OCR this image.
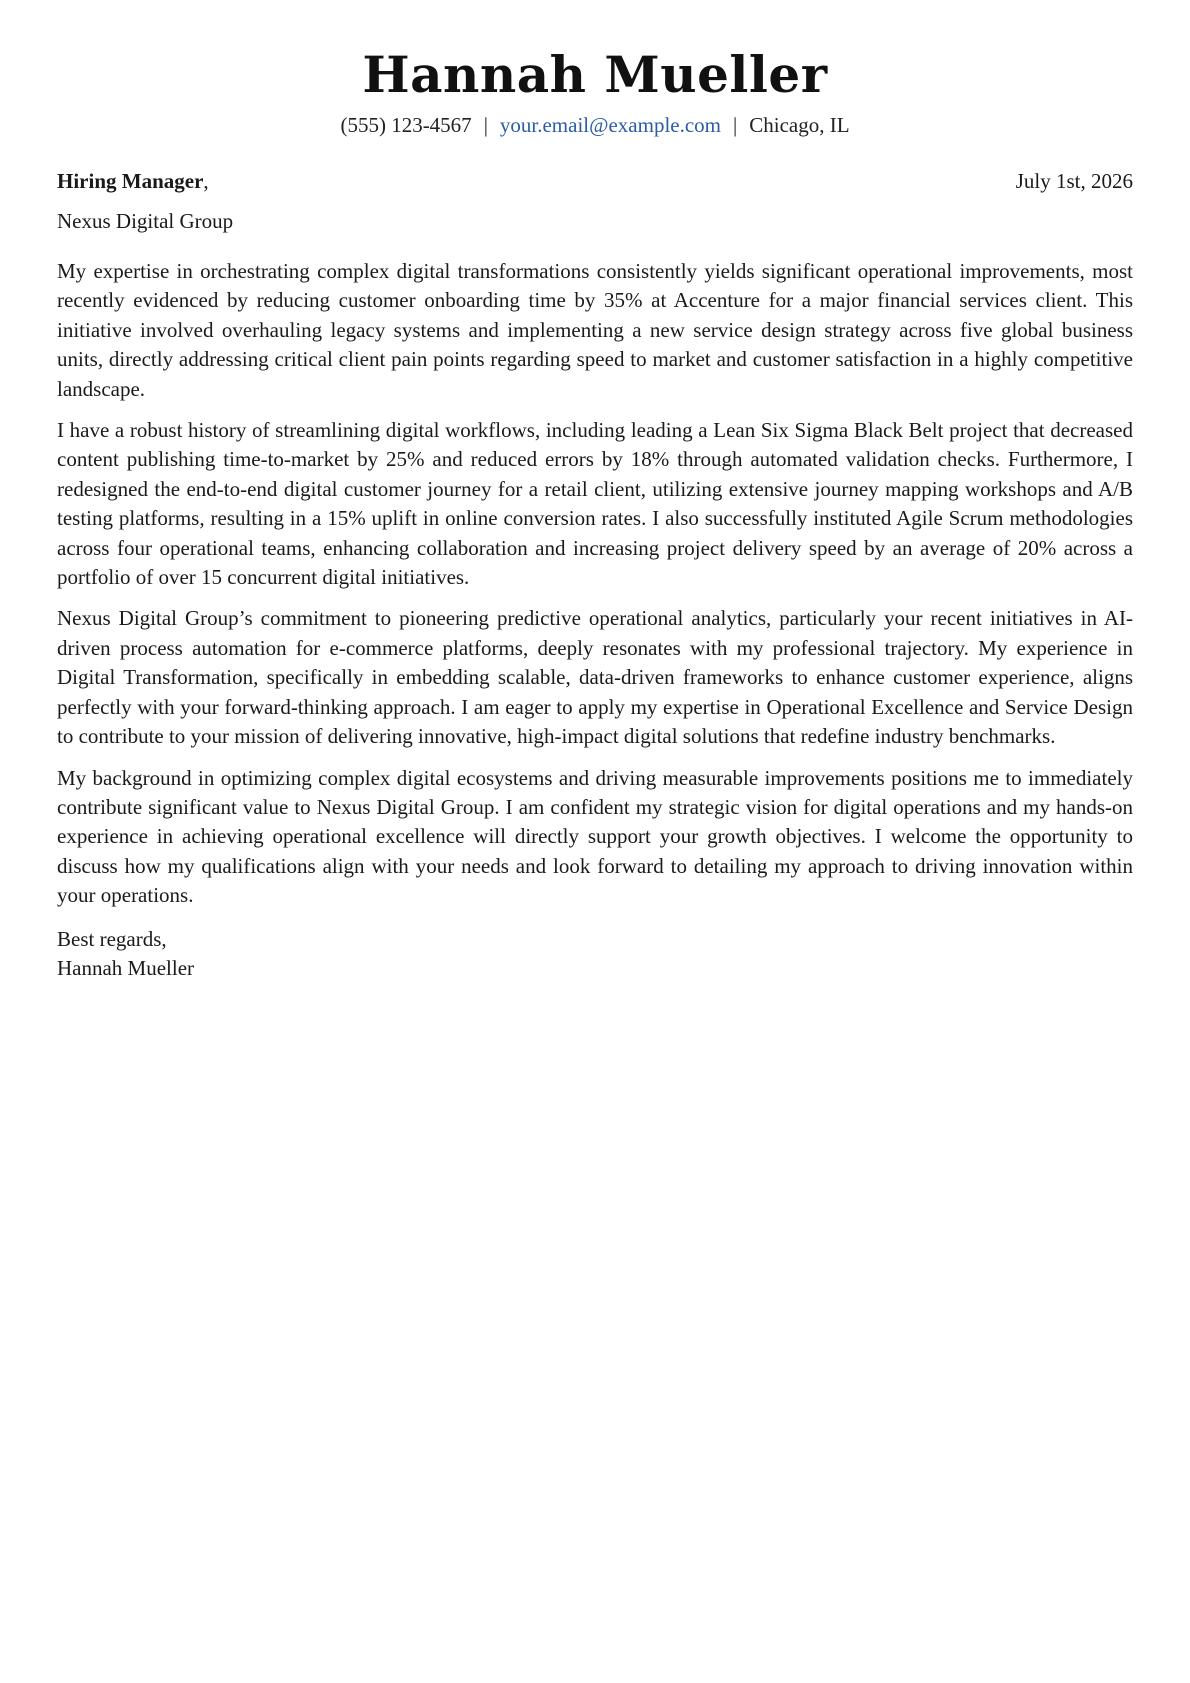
Hannah Mueller
(555) 123-4567 | your.email@example.com | Chicago, IL
Hiring Manager,	July 1st, 2026
Nexus Digital Group

My expertise in orchestrating complex digital transformations consistently yields significant operational improvements, most recently evidenced by reducing customer onboarding time by 35% at Accenture for a major financial services client. This initiative involved overhauling legacy systems and implementing a new service design strategy across five global business units, directly addressing critical client pain points regarding speed to market and customer satisfaction in a highly competitive landscape.

I have a robust history of streamlining digital workflows, including leading a Lean Six Sigma Black Belt project that decreased content publishing time-to-market by 25% and reduced errors by 18% through automated validation checks. Furthermore, I redesigned the end-to-end digital customer journey for a retail client, utilizing extensive journey mapping workshops and A/B testing platforms, resulting in a 15% uplift in online conversion rates. I also successfully instituted Agile Scrum methodologies across four operational teams, enhancing collaboration and increasing project delivery speed by an average of 20% across a portfolio of over 15 concurrent digital initiatives.

Nexus Digital Group’s commitment to pioneering predictive operational analytics, particularly your recent initiatives in AI-driven process automation for e-commerce platforms, deeply resonates with my professional trajectory. My experience in Digital Transformation, specifically in embedding scalable, data-driven frameworks to enhance customer experience, aligns perfectly with your forward-thinking approach. I am eager to apply my expertise in Operational Excellence and Service Design to contribute to your mission of delivering innovative, high-impact digital solutions that redefine industry benchmarks.

My background in optimizing complex digital ecosystems and driving measurable improvements positions me to immediately contribute significant value to Nexus Digital Group. I am confident my strategic vision for digital operations and my hands-on experience in achieving operational excellence will directly support your growth objectives. I welcome the opportunity to discuss how my qualifications align with your needs and look forward to detailing my approach to driving innovation within your operations.

Best regards,
Hannah Mueller
